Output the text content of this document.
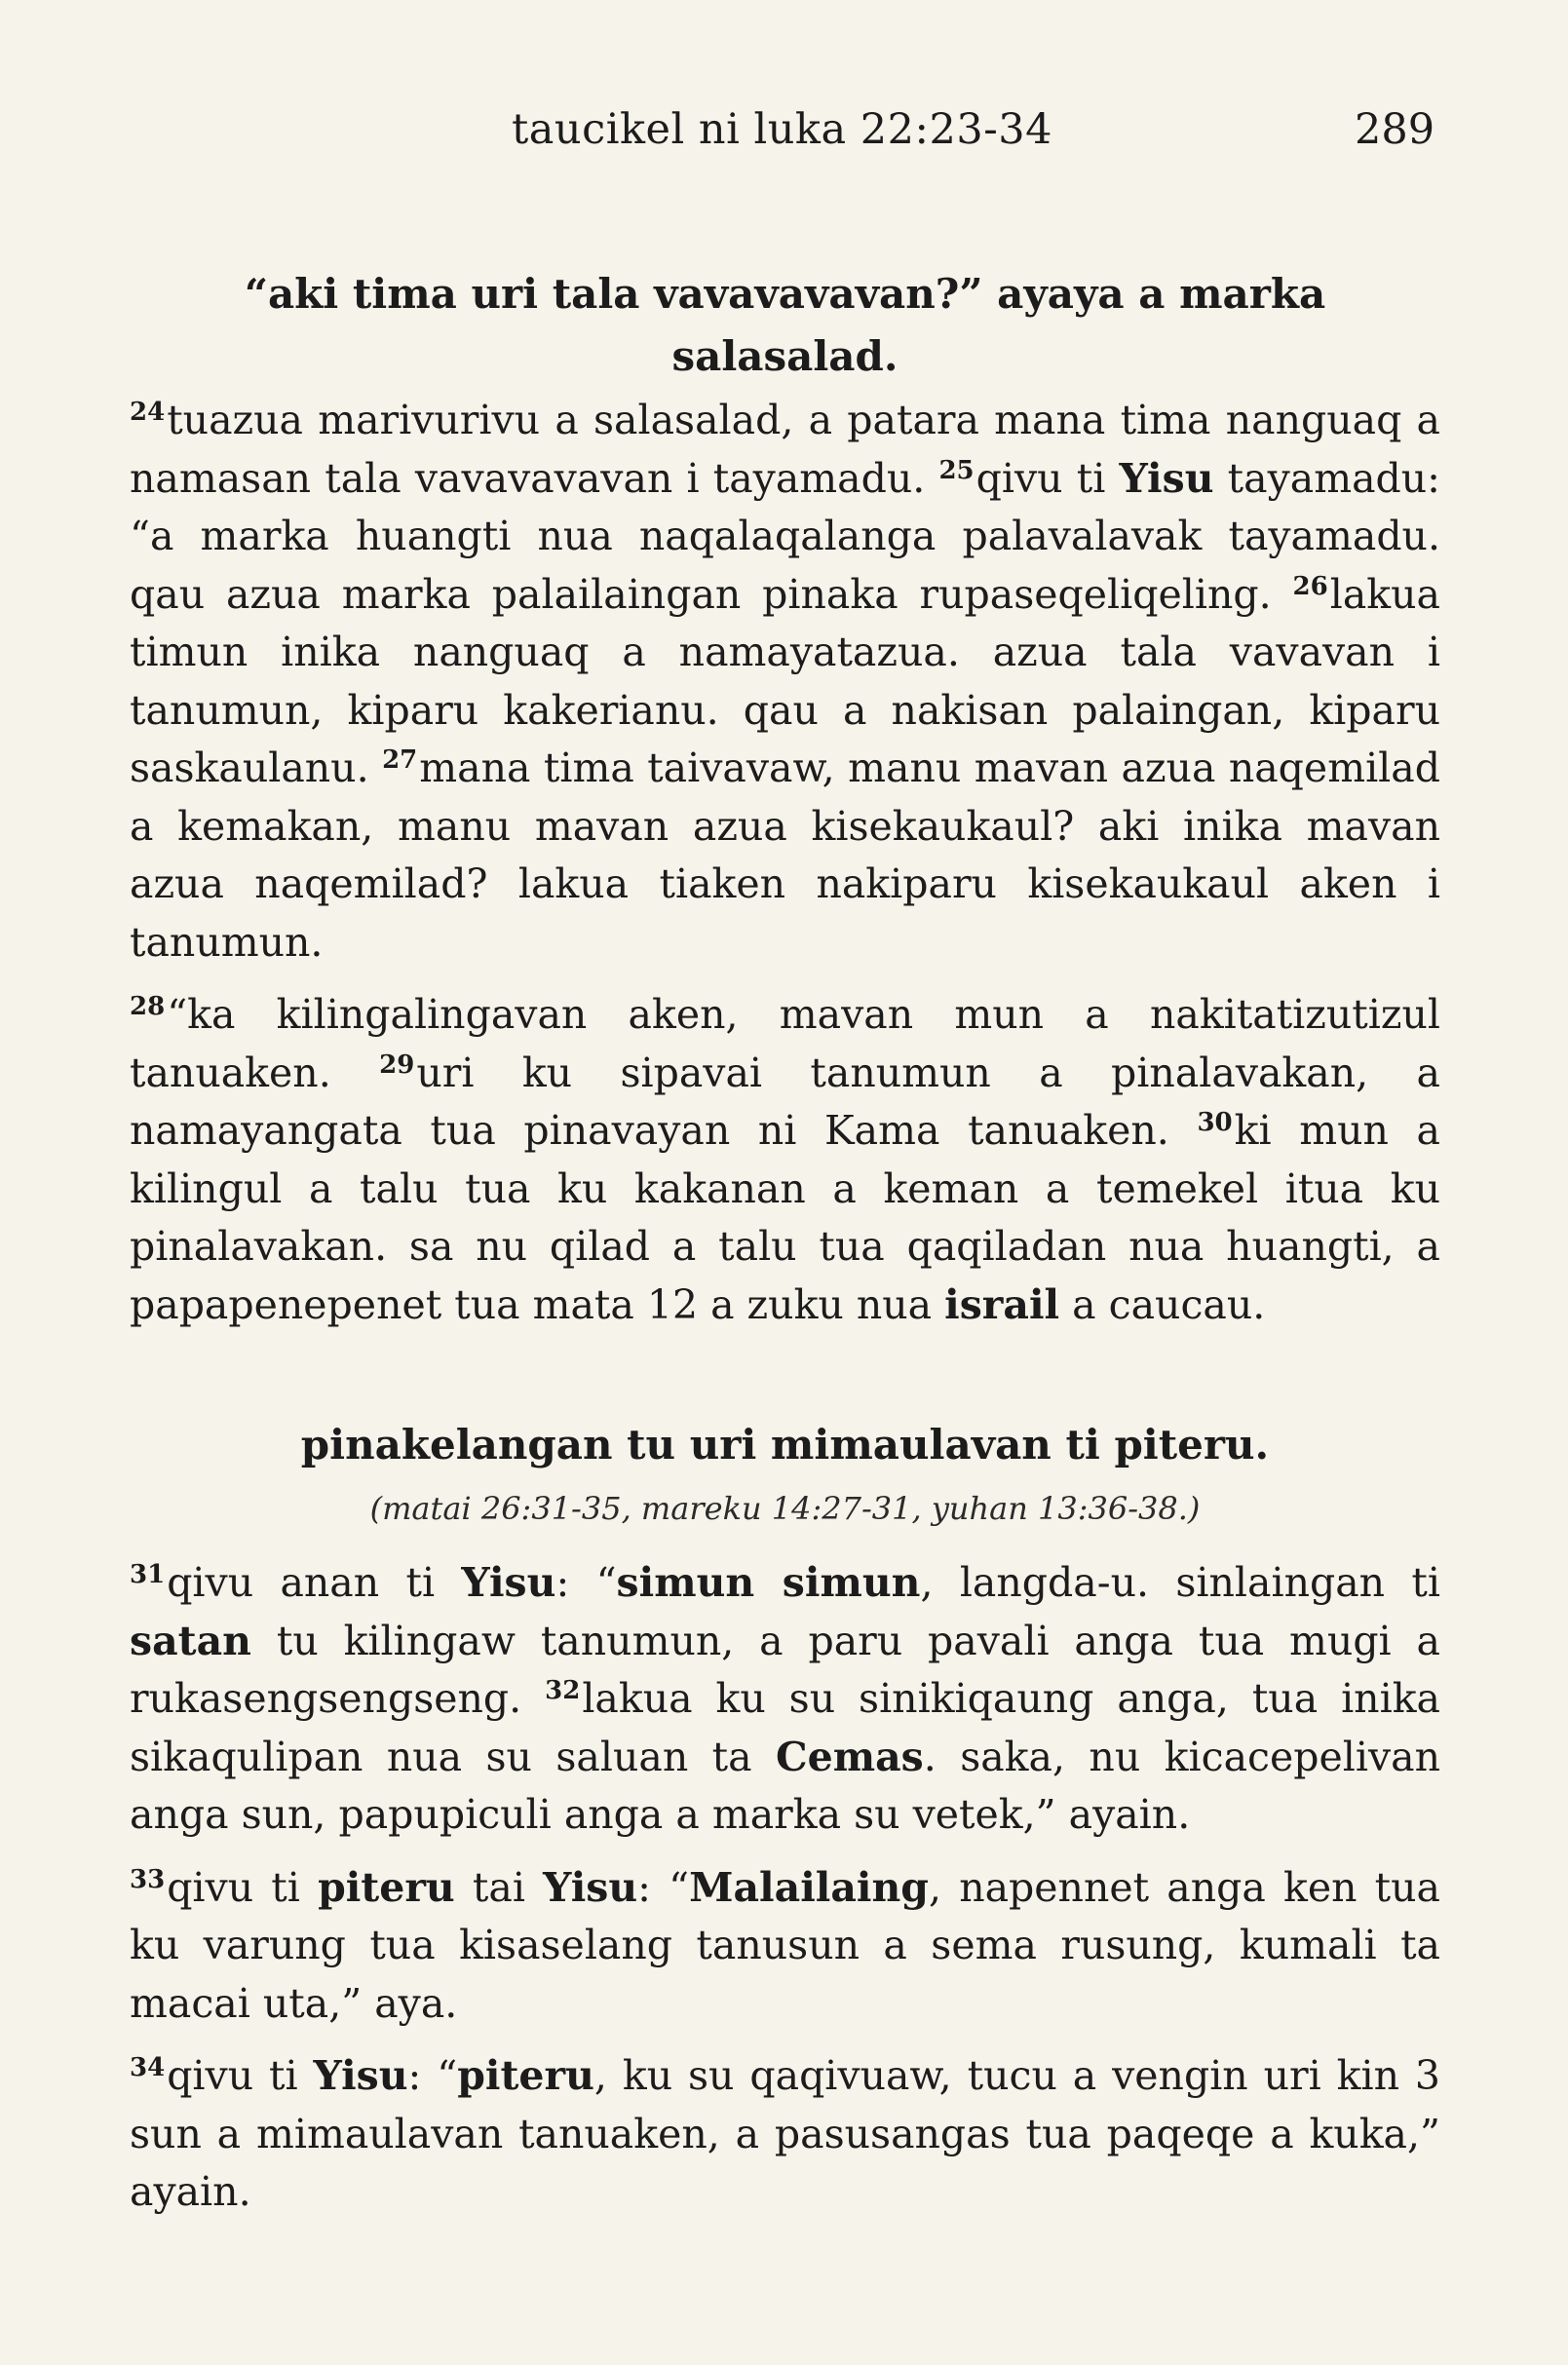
taucikel ni luka 22:23-34	289
“aki tima uri tala vavavavavan?” ayaya a marka salasalad.

$^{24}$tuazua marivurivu a salasalad, a patara mana tima nanguaq a namasan tala vavavavavan i tayamadu. $^{25}$qivu ti Yisu tayamadu: “a marka huangti nua naqalaqalanga palavalavak tayamadu. qau azua marka palailaingan pinaka rupaseqeliqeling. $^{26}$lakua timun inika nanguaq a namayatazua. azua tala vavavan i tanumun, kiparu kakerianu. qau a nakisan palaingan, kiparu saskaulanu. $^{27}$mana tima taivavaw, manu mavan azua naqemilad a kemakan, manu mavan azua kisekaukaul? aki inika mavan azua naqemilad? lakua tiaken nakiparu kisekaukaul aken i tanumun.

$^{28}$“ka kilingalingavan aken, mavan mun a nakitatizutizul tanuaken. $^{29}$uri ku sipavai tanumun a pinalavakan, a namayangata tua pinavayan ni Kama tanuaken. $^{30}$ki mun a kilingul a talu tua ku kakanan a keman a temekel itua ku pinalavakan. sa nu qilad a talu tua qaqiladan nua huangti, a papapenepenet tua mata 12 a zuku nua israil a caucau.

pinakelangan tu uri mimaulavan ti piteru.
(matai 26:31-35, mareku 14:27-31, yuhan 13:36-38.)

$^{31}$qivu anan ti Yisu: “simun simun, langda-u. sinlaingan ti satan tu kilingaw tanumun, a paru pavali anga tua mugi a rukasengsengseng. $^{32}$lakua ku su sinikiqaung anga, tua inika sikaqulipan nua su saluan ta Cemas. saka, nu kicacepelivan anga sun, papupiculi anga a marka su vetek,” ayain.

$^{33}$qivu ti piteru tai Yisu: “Malailaing, napennet anga ken tua ku varung tua kisaselang tanusun a sema rusung, kumali ta macai uta,” aya.

$^{34}$qivu ti Yisu: “piteru, ku su qaqivuaw, tucu a vengin uri kin 3 sun a mimaulavan tanuaken, a pasusangas tua paqeqe a kuka,” ayain.
